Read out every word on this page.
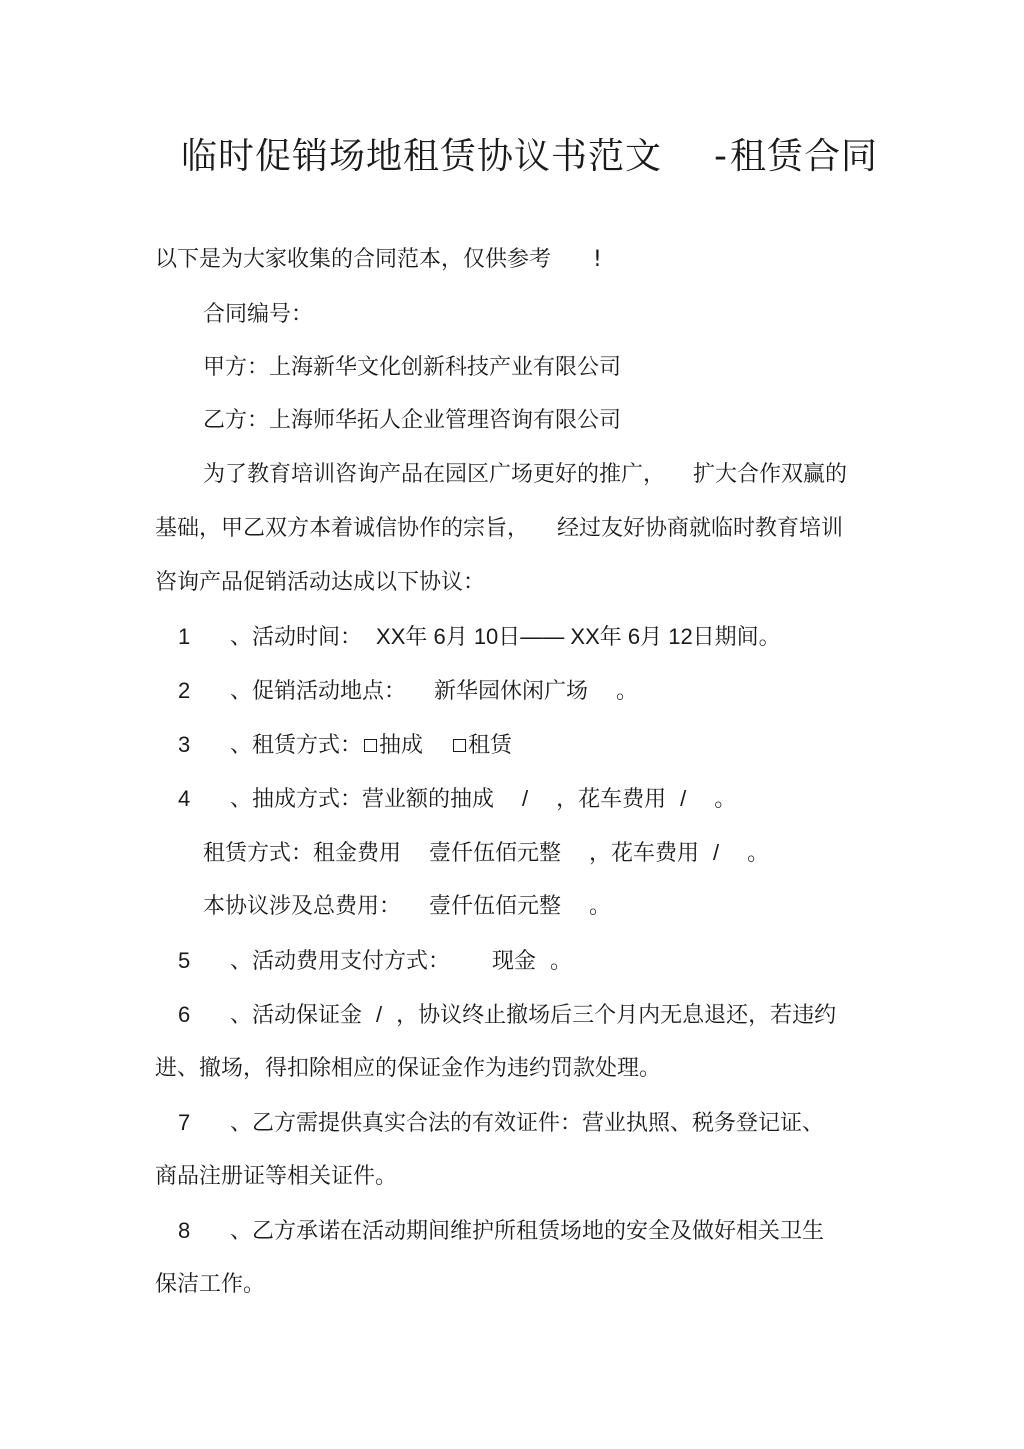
临时促销场地租赁协议书范文 -租赁合同
以下是为大家收集的合同范本，仅供参考 !
合同编号：
甲方：上海新华文化创新科技产业有限公司
乙方：上海师华拓人企业管理咨询有限公司
为了教育培训咨询产品在园区广场更好的推广， 扩大合作双赢的
基础，甲乙双方本着诚信协作的宗旨， 经过友好协商就临时教育培训
咨询产品促销活动达成以下协议：
1 、活动时间： XX年 6月 10日—— XX年 6月 12日期间。
2 、促销活动地点： 新华园休闲广场 。
3 、租赁方式： 抽成 租赁
4 、抽成方式：营业额的抽成 / ，花车费用 / 。
租赁方式：租金费用 壹仟伍佰元整 ，花车费用 / 。
本协议涉及总费用： 壹仟伍佰元整 。
5 、活动费用支付方式： 现金 。
6 、活动保证金 / ，协议终止撤场后三个月内无息退还，若违约
进、撤场，得扣除相应的保证金作为违约罚款处理。
7 、乙方需提供真实合法的有效证件：营业执照、税务登记证、
商品注册证等相关证件。
8 、乙方承诺在活动期间维护所租赁场地的安全及做好相关卫生
保洁工作。
